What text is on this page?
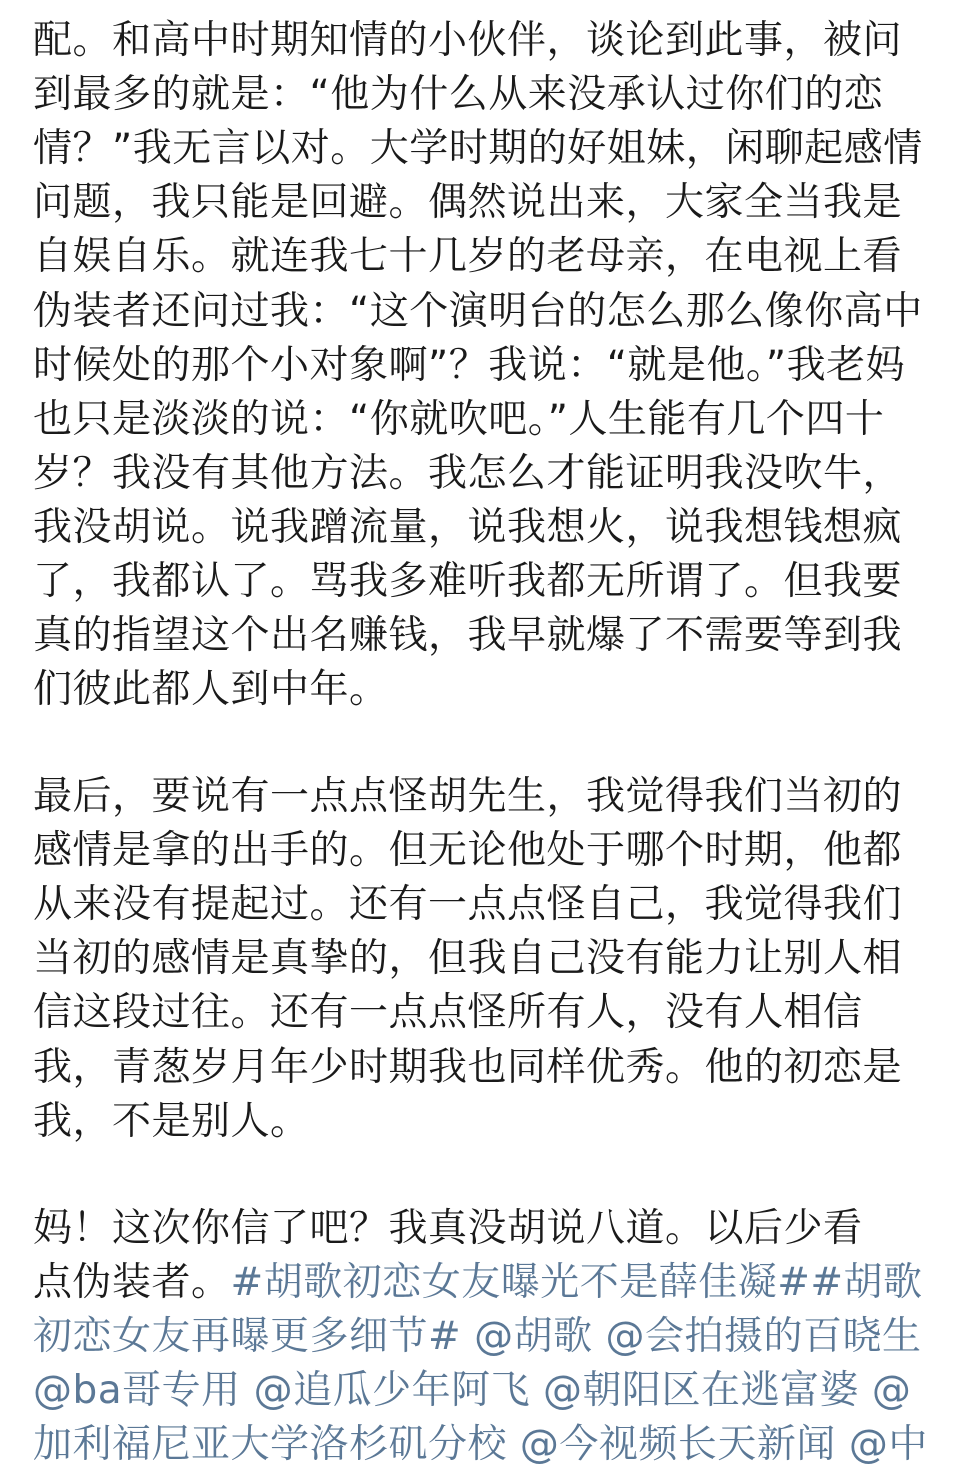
配。和高中时期知情的小伙伴，谈论到此事，被问
到最多的就是：“他为什么从来没承认过你们的恋
情？”我无言以对。大学时期的好姐妹，闲聊起感情
问题，我只能是回避。偶然说出来，大家全当我是
自娱自乐。就连我七十几岁的老母亲，在电视上看
伪装者还问过我：“这个演明台的怎么那么像你高中
时候处的那个小对象啊”？我说：“就是他。”我老妈
也只是淡淡的说：“你就吹吧。”人生能有几个四十
岁？我没有其他方法。我怎么才能证明我没吹牛，
我没胡说。说我蹭流量，说我想火，说我想钱想疯
了，我都认了。骂我多难听我都无所谓了。但我要
真的指望这个出名赚钱，我早就爆了不需要等到我
们彼此都人到中年。
最后，要说有一点点怪胡先生，我觉得我们当初的
感情是拿的出手的。但无论他处于哪个时期，他都
从来没有提起过。还有一点点怪自己，我觉得我们
当初的感情是真挚的，但我自己没有能力让别人相
信这段过往。还有一点点怪所有人，没有人相信
我，青葱岁月年少时期我也同样优秀。他的初恋是
我，不是别人。
妈！这次你信了吧？我真没胡说八道。以后少看
点伪装者。#胡歌初恋女友曝光不是薛佳凝##胡歌
初恋女友再曝更多细节# @胡歌 @会拍摄的百晓生
@ba哥专用 @追瓜少年阿飞 @朝阳区在逃富婆 @
加利福尼亚大学洛杉矶分校 @今视频长天新闻 @中
